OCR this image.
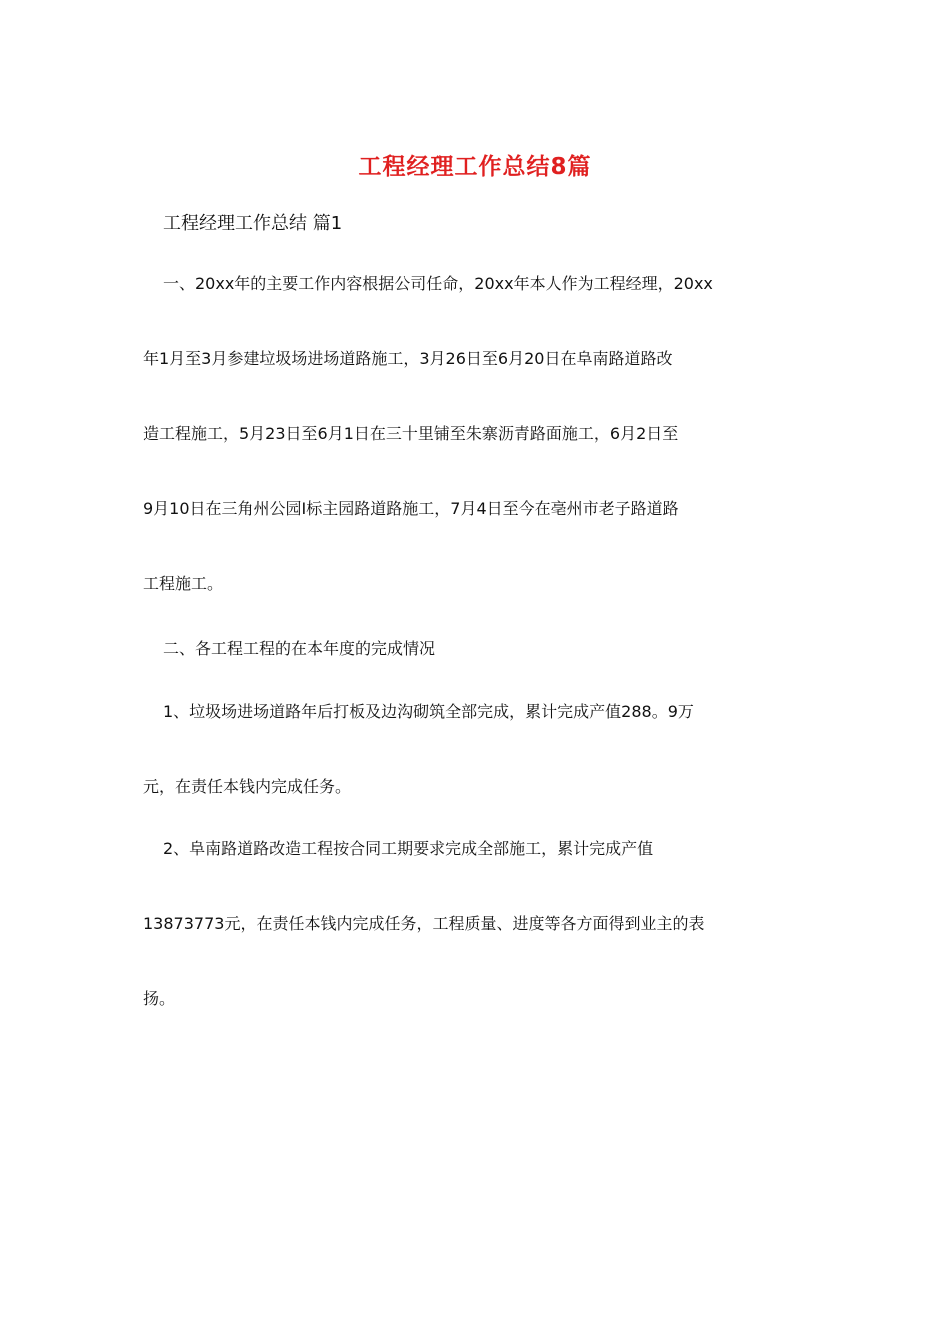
工程经理工作总结8篇
工程经理工作总结 篇1
一、20xx年的主要工作内容根据公司任命，20xx年本人作为工程经理，20xx
年1月至3月参建垃圾场进场道路施工，3月26日至6月20日在阜南路道路改
造工程施工，5月23日至6月1日在三十里铺至朱寨沥青路面施工，6月2日至
9月10日在三角州公园I标主园路道路施工，7月4日至今在亳州市老子路道路
工程施工。
二、各工程工程的在本年度的完成情况
1、垃圾场进场道路年后打板及边沟砌筑全部完成，累计完成产值288。9万
元，在责任本钱内完成任务。
2、阜南路道路改造工程按合同工期要求完成全部施工，累计完成产值
13873773元，在责任本钱内完成任务，工程质量、进度等各方面得到业主的表
扬。
